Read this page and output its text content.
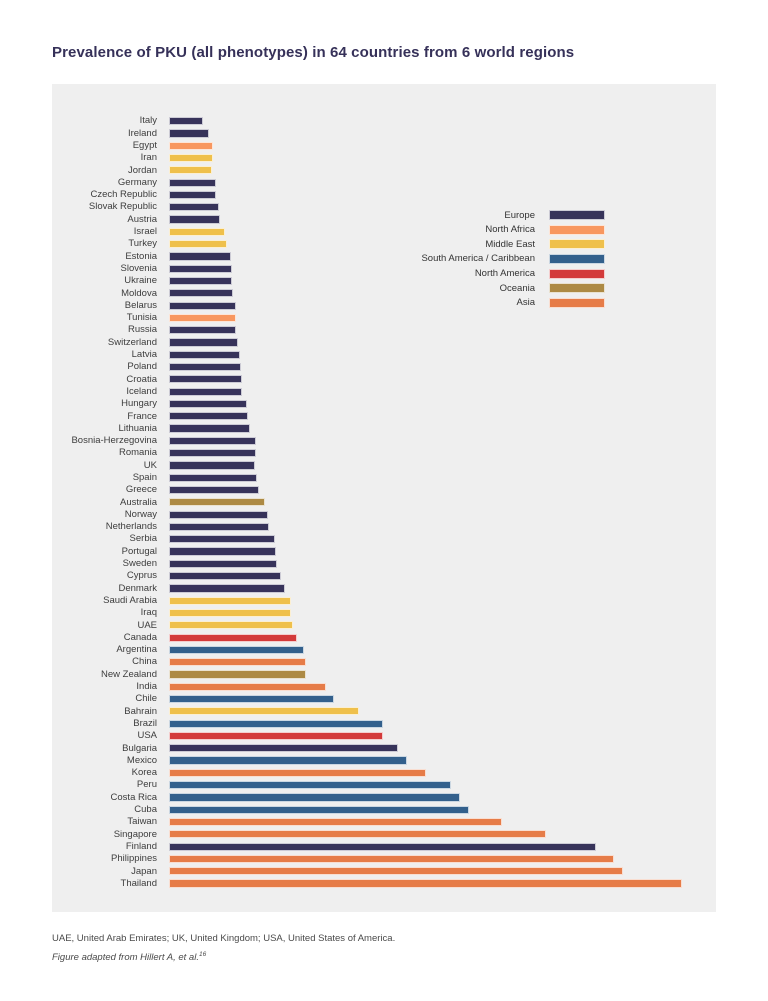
Prevalence of PKU (all phenotypes) in 64 countries from 6 world regions
Europe
North Africa
Middle East
South America / Caribbean
North America
Oceania
Asia
Italy
Ireland
Egypt
Iran
Jordan
Germany
Czech Republic
Slovak Republic
Austria
Israel
Turkey
Estonia
Slovenia
Ukraine
Moldova
Belarus
Tunisia
Russia
Switzerland
Latvia
Poland
Croatia
Iceland
Hungary
France
Lithuania
Bosnia-Herzegovina
Romania
UK
Spain
Greece
Australia
Norway
Netherlands
Serbia
Portugal
Sweden
Cyprus
Denmark
Saudi Arabia
Iraq
UAE
Canada
Argentina
China
New Zealand
India
Chile
Bahrain
Brazil
USA
Bulgaria
Mexico
Korea
Peru
Costa Rica
Cuba
Taiwan
Singapore
Finland
Philippines
Japan
Thailand
UAE, United Arab Emirates; UK, United Kingdom; USA, United States of America.
Figure adapted from Hillert A, et al.$^{16}$
